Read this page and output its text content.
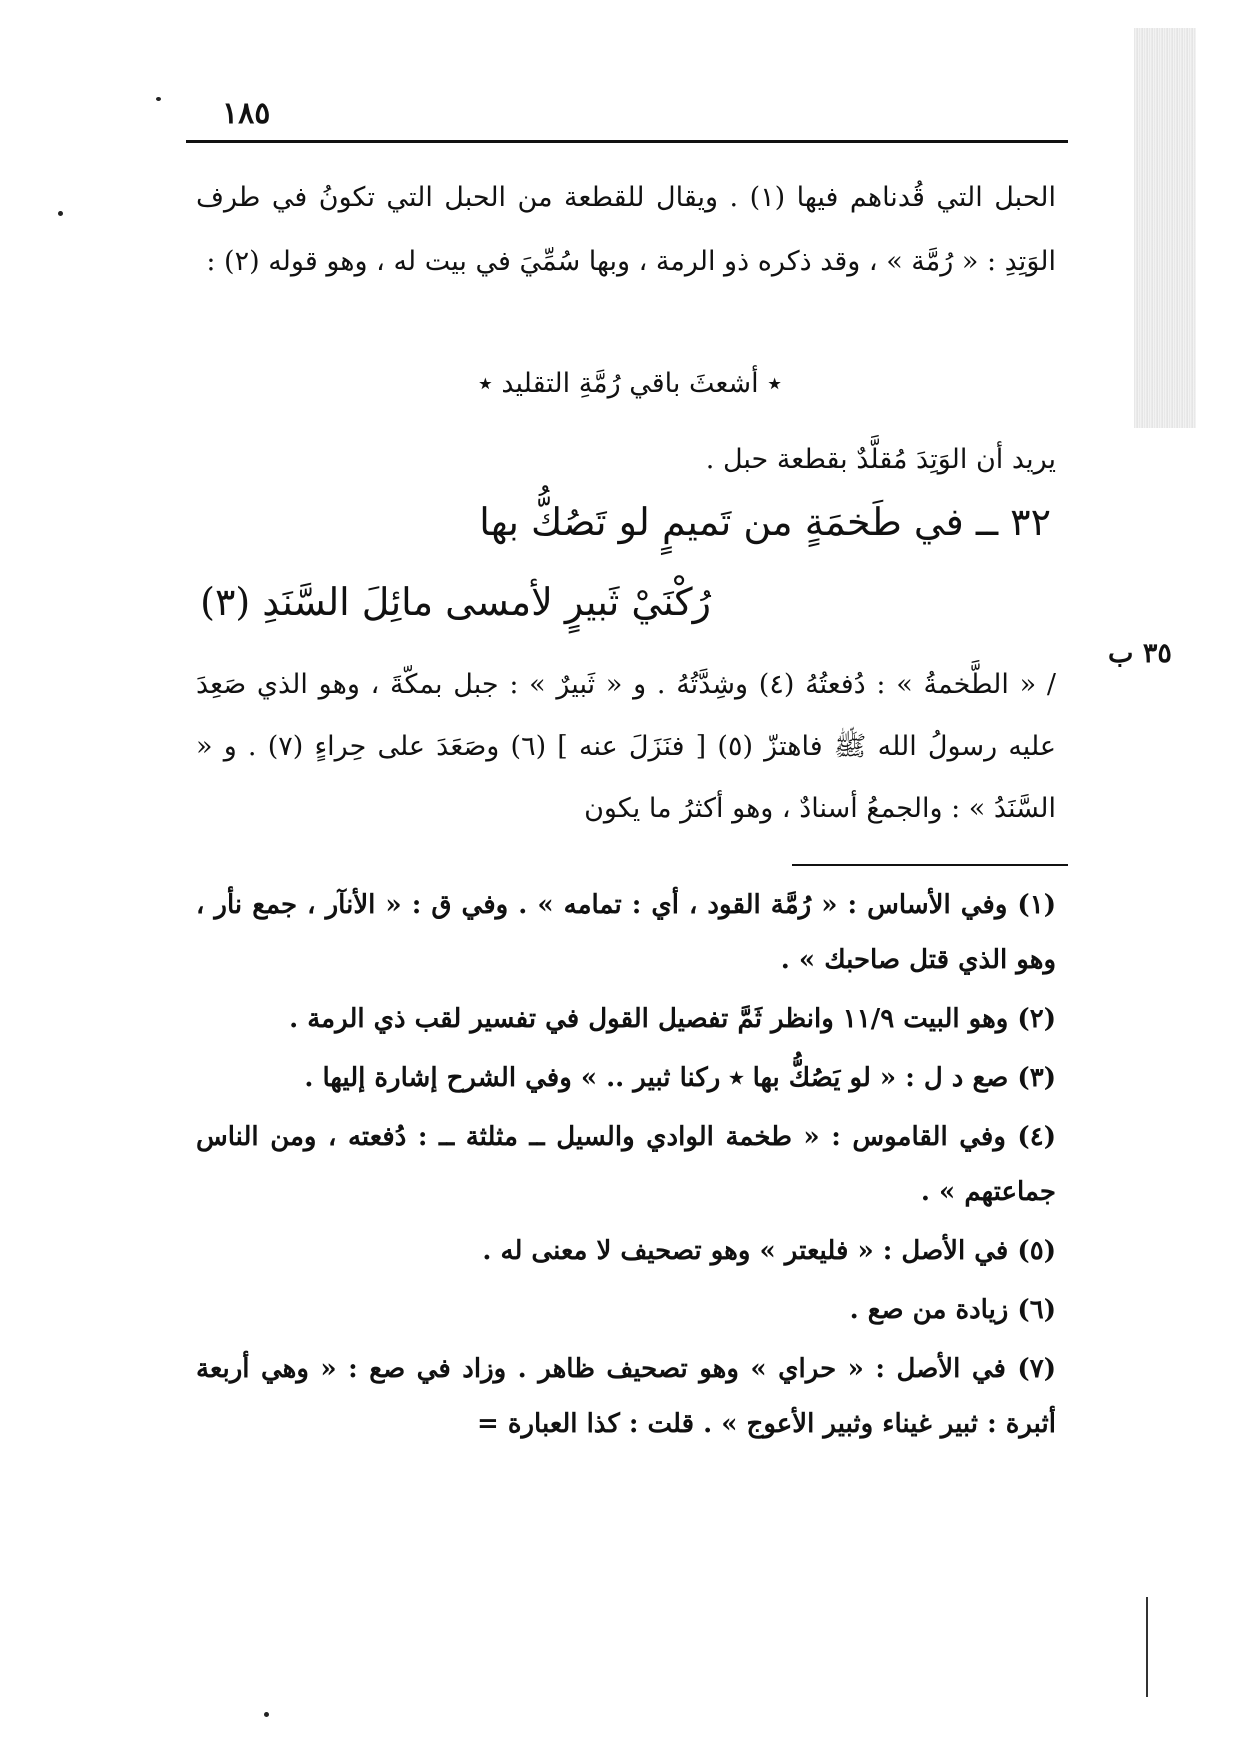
١٨٥
الحبل التي قُدناهم فيها (١) . ويقال للقطعة من الحبل التي تكونُ في طرف الوَتِدِ : « رُمَّة » ، وقد ذكره ذو الرمة ، وبها سُمِّيَ في بيت له ، وهو قوله (٢) :
٭ أشعثَ باقي رُمَّةِ التقليد ٭
يريد أن الوَتِدَ مُقلَّدٌ بقطعة حبل .
٣٢ ــ في طَخمَةٍ من تَميمٍ لو تَصُكُّ بها
رُكْنَيْ ثَبيرٍ لأمسى مائِلَ السَّنَدِ (٣)
/ « الطَّخمةُ » : دُفعتُهُ (٤) وشِدَّتُهُ . و « ثَبيرٌ » : جبل بمكّةَ ، وهو الذي صَعِدَ عليه رسولُ الله ﷺ فاهتزّ (٥) [ فنَزَلَ عنه ] (٦) وصَعَدَ على حِراءٍ (٧) . و « السَّنَدُ » : والجمعُ أسنادٌ ، وهو أكثرُ ما يكون
٣٥ ب

(١) وفي الأساس : « رُمَّة القود ، أي : تمامه » . وفي ق : « الأنآر ، جمع نأر ، وهو الذي قتل صاحبك » .

(٢) وهو البيت ١١/٩ وانظر ثَمَّ تفصيل القول في تفسير لقب ذي الرمة .

(٣) صع د ل : « لو يَصُكُّ بها ٭ ركنا ثبير .. » وفي الشرح إشارة إليها .

(٤) وفي القاموس : « طخمة الوادي والسيل ــ مثلثة ــ : دُفعته ، ومن الناس جماعتهم » .

(٥) في الأصل : « فليعتر » وهو تصحيف لا معنى له .

(٦) زيادة من صع .

(٧) في الأصل : « حراي » وهو تصحيف ظاهر . وزاد في صع : « وهي أربعة أثبرة : ثبير غيناء وثبير الأعوج » . قلت : كذا العبارة =
